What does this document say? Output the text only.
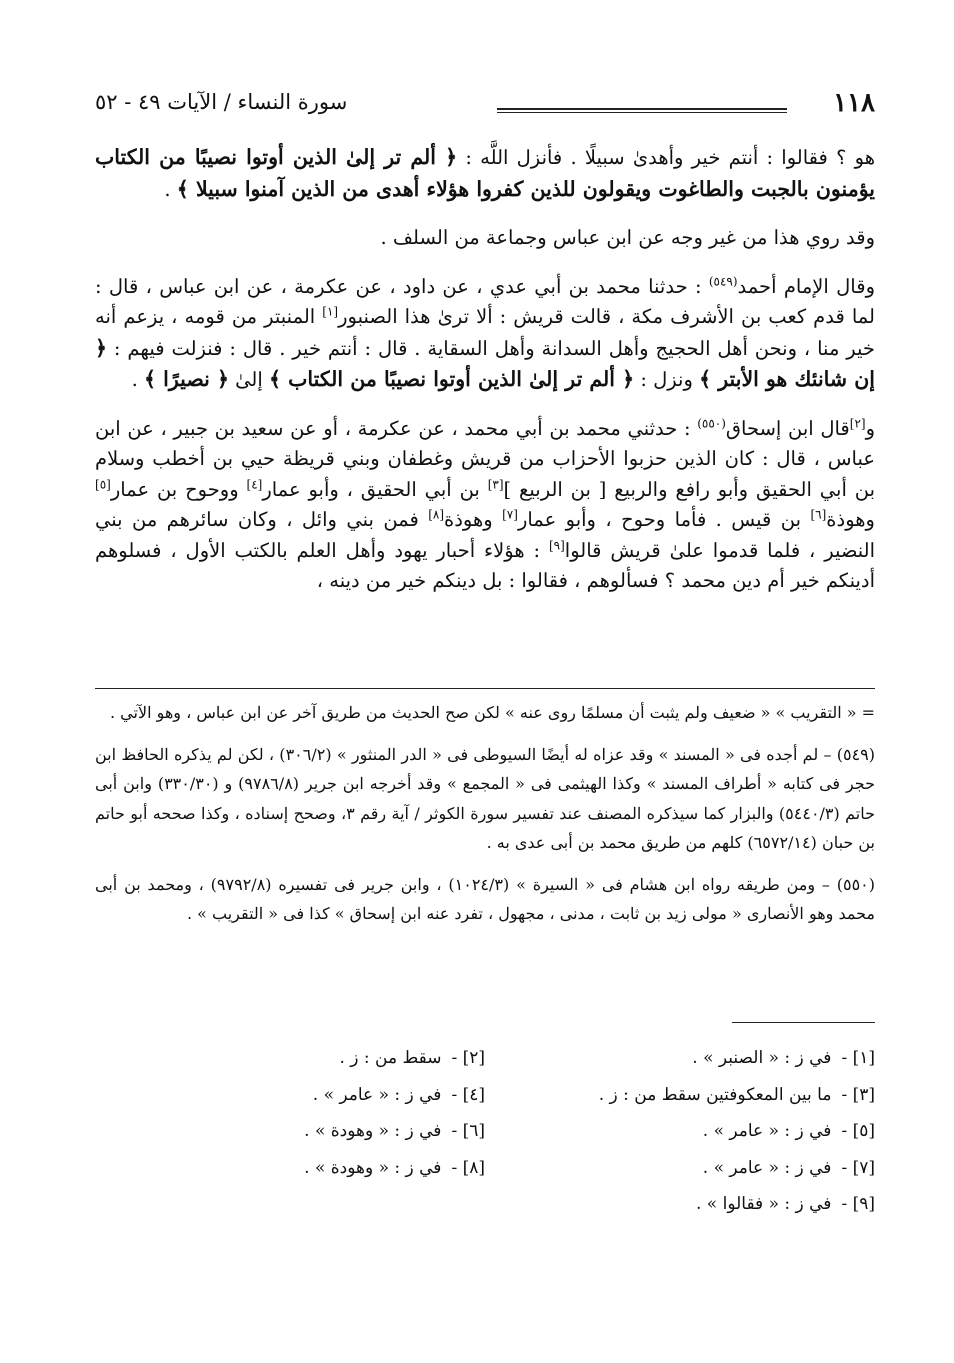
١١٨
سورة النساء / الآيات ٤٩ - ٥٢

هو ؟ فقالوا : أنتم خير وأهدىٰ سبيلًا . فأنزل اللَّه : ﴿ ألم تر إلىٰ الذين أوتوا نصيبًا من الكتاب يؤمنون بالجبت والطاغوت ويقولون للذين كفروا هؤلاء أهدى من الذين آمنوا سبيلا ﴾ .

وقد روي هذا من غير وجه عن ابن عباس وجماعة من السلف .

وقال الإمام أحمد$^{(٥٤٩)}$ : حدثنا محمد بن أبي عدي ، عن داود ، عن عكرمة ، عن ابن عباس ، قال : لما قدم كعب بن الأشرف مكة ، قالت قريش : ألا ترىٰ هذا الصنبور[١] المنبتر من قومه ، يزعم أنه خير منا ، ونحن أهل الحجيج وأهل السدانة وأهل السقاية . قال : أنتم خير . قال : فنزلت فيهم : ﴿ إن شانئك هو الأبتر ﴾ ونزل : ﴿ ألم تر إلىٰ الذين أوتوا نصيبًا من الكتاب ﴾ إلىٰ ﴿ نصيرًا ﴾ .

و[٢]قال ابن إسحاق$^{(٥٥٠)}$ : حدثني محمد بن أبي محمد ، عن عكرمة ، أو عن سعيد بن جبير ، عن ابن عباس ، قال : كان الذين حزبوا الأحزاب من قريش وغطفان وبني قريظة حيي بن أخطب وسلام بن أبي الحقيق وأبو رافع والربيع [ بن الربيع ][٣] بن أبي الحقيق ، وأبو عمار[٤] ووحوح بن عمار[٥] وهوذة[٦] بن قيس . فأما وحوح ، وأبو عمار[٧] وهوذة[٨] فمن بني وائل ، وكان سائرهم من بني النضير ، فلما قدموا علىٰ قريش قالوا[٩] : هؤلاء أحبار يهود وأهل العلم بالكتب الأول ، فسلوهم أدينكم خير أم دين محمد ؟ فسألوهم ، فقالوا : بل دينكم خير من دينه ،

= « التقريب » « ضعيف ولم يثبت أن مسلمًا روى عنه » لكن صح الحديث من طريق آخر عن ابن عباس ، وهو الآتي .

(٥٤٩) – لم أجده فى « المسند » وقد عزاه له أيضًا السيوطى فى « الدر المنثور » (٣٠٦/٢) ، لكن لم يذكره الحافظ ابن حجر فى كتابه « أطراف المسند » وكذا الهيثمى فى « المجمع » وقد أخرجه ابن جرير (٩٧٨٦/٨) و (٣٣٠/٣٠) وابن أبى حاتم (٥٤٤٠/٣) والبزار كما سيذكره المصنف عند تفسير سورة الكوثر / آية رقم ٣، وصحح إسناده ، وكذا صححه أبو حاتم بن حبان (٦٥٧٢/١٤) كلهم من طريق محمد بن أبى عدى به .

(٥٥٠) – ومن طريقه رواه ابن هشام فى « السيرة » (١٠٢٤/٣) ، وابن جرير فى تفسيره (٩٧٩٢/٨) ، ومحمد بن أبى محمد وهو الأنصارى « مولى زيد بن ثابت ، مدنى ، مجهول ، تفرد عنه ابن إسحاق » كذا فى « التقريب » .

[١] -في ز : « الصنبر » .
[٢] -سقط من : ز .
[٣] -ما بين المعكوفتين سقط من : ز .
[٤] -في ز : « عامر » .
[٥] -في ز : « عامر » .
[٦] -في ز : « وهودة » .
[٧] -في ز : « عامر » .
[٨] -في ز : « وهودة » .
[٩] -في ز : « فقالوا » .
